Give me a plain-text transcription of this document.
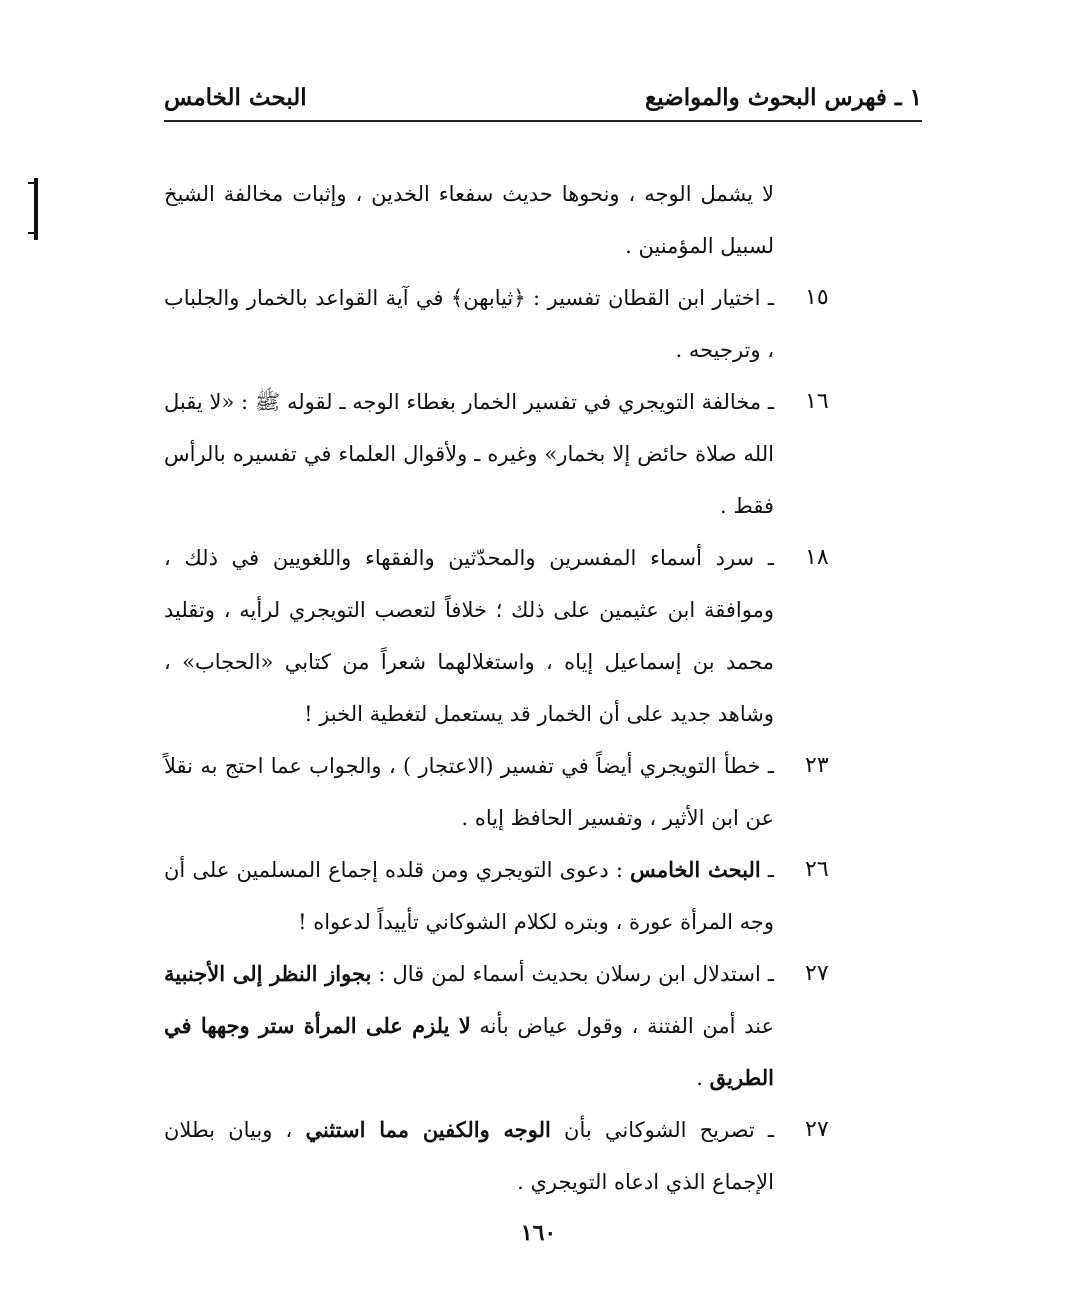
١ ـ فهرس البحوث والمواضيع
البحث الخامس

لا يشمل الوجه ، ونحوها حديث سفعاء الخدين ، وإثبات مخالفة الشيخ لسبيل المؤمنين .

١٥
ـ اختيار ابن القطان تفسير : ﴿ثيابهن﴾ في آية القواعد بالخمار والجلباب ، وترجيحه .
١٦
ـ مخالفة التويجري في تفسير الخمار بغطاء الوجه ـ لقوله ﷺ : «لا يقبل الله صلاة حائض إلا بخمار» وغيره ـ ولأقوال العلماء في تفسيره بالرأس فقط .
١٨
ـ سرد أسماء المفسرين والمحدّثين والفقهاء واللغويين في ذلك ، وموافقة ابن عثيمين على ذلك ؛ خلافاً لتعصب التويجري لرأيه ، وتقليد محمد بن إسماعيل إياه ، واستغلالهما شعراً من كتابي «الحجاب» ، وشاهد جديد على أن الخمار قد يستعمل لتغطية الخبز !
٢٣
ـ خطأ التويجري أيضاً في تفسير (الاعتجار ) ، والجواب عما احتج به نقلاً عن ابن الأثير ، وتفسير الحافظ إياه .
٢٦
ـ البحث الخامس : دعوى التويجري ومن قلده إجماع المسلمين على أن وجه المرأة عورة ، وبتره لكلام الشوكاني تأييداً لدعواه !
٢٧
ـ استدلال ابن رسلان بحديث أسماء لمن قال : بجواز النظر إلى الأجنبية عند أمن الفتنة ، وقول عياض بأنه لا يلزم على المرأة ستر وجهها في الطريق .
٢٧
ـ تصريح الشوكاني بأن الوجه والكفين مما استثني ، وبيان بطلان الإجماع الذي ادعاه التويجري .
١٦٠
